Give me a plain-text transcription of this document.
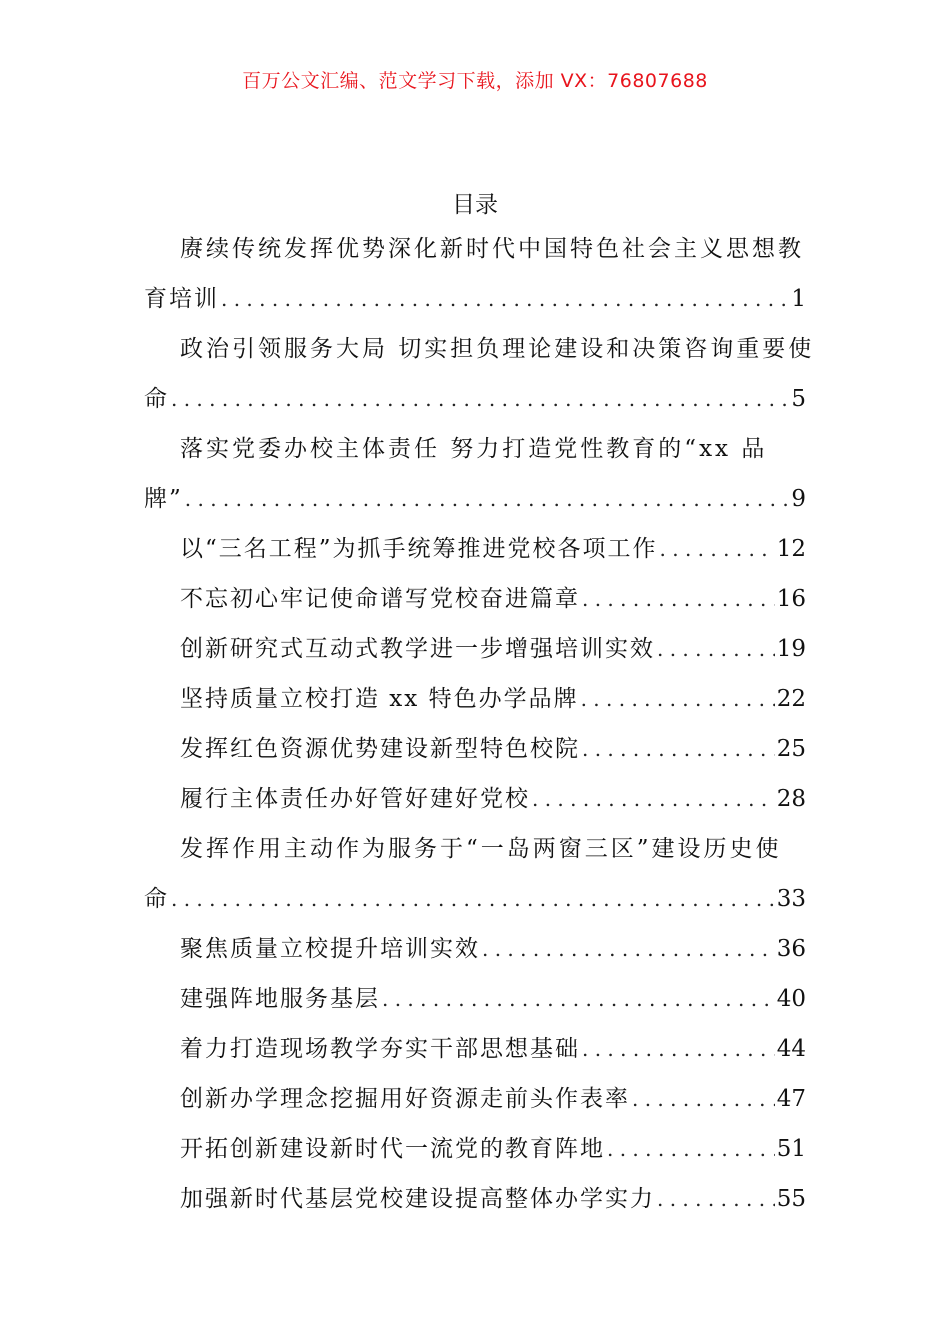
百万公文汇编、范文学习下载，添加 VX：76807688
目录
赓续传统发挥优势深化新时代中国特色社会主义思想教
育培训 . . .	1
政治引领服务大局 切实担负理论建设和决策咨询重要使
命 . . .	5
落实党委办校主体责任 努力打造党性教育的“xx 品
牌” . . .	9
以“三名工程”为抓手统筹推进党校各项工作 . . .	12
不忘初心牢记使命谱写党校奋进篇章 . . .	16
创新研究式互动式教学进一步增强培训实效 . . .	19
坚持质量立校打造 xx 特色办学品牌 . . .	22
发挥红色资源优势建设新型特色校院 . . .	25
履行主体责任办好管好建好党校 . . .	28
发挥作用主动作为服务于“一岛两窗三区”建设历史使
命 . . .	33
聚焦质量立校提升培训实效 . . .	36
建强阵地服务基层 . . .	40
着力打造现场教学夯实干部思想基础 . . .	44
创新办学理念挖掘用好资源走前头作表率 . . .	47
开拓创新建设新时代一流党的教育阵地 . . .	51
加强新时代基层党校建设提高整体办学实力 . . .	55
